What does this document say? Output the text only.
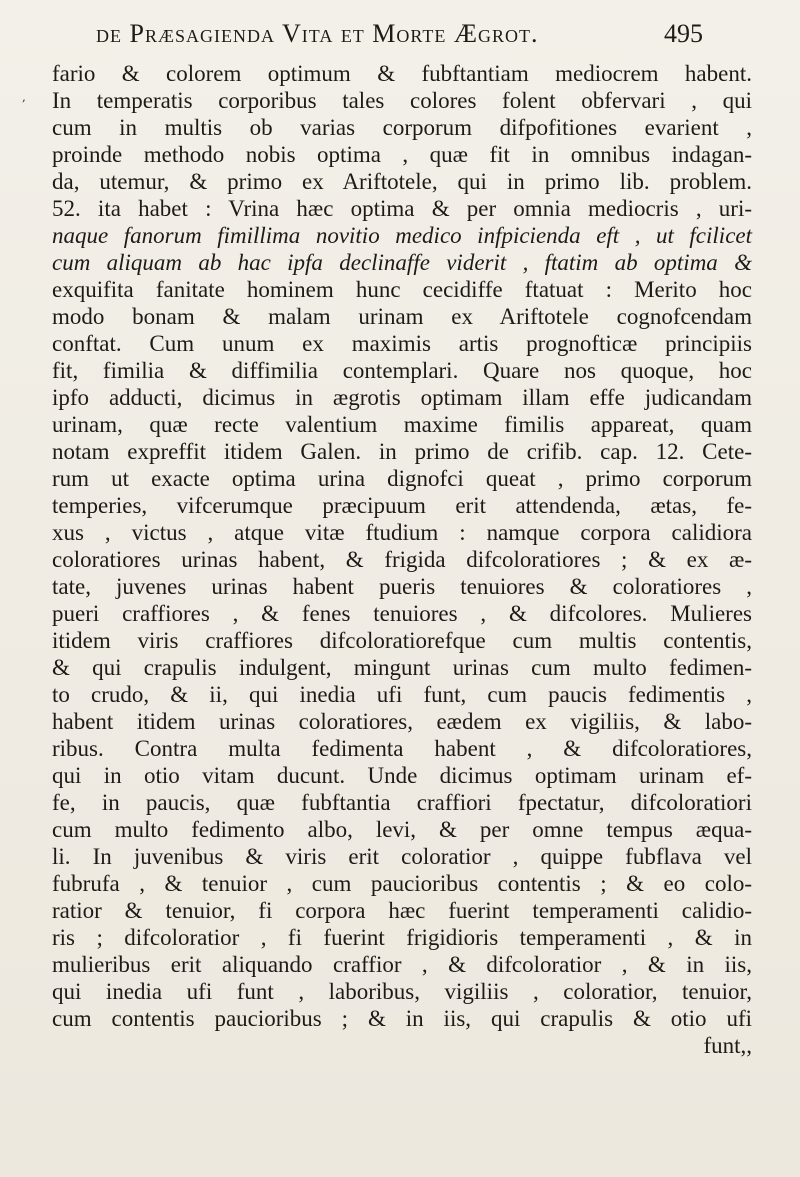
de Præsagienda Vita et Morte Ægrot.	495
,
fario & colorem optimum & fubftantiam mediocrem habent.
In temperatis corporibus tales colores folent obfervari , qui
cum in multis ob varias corporum difpofitiones evarient ,
proinde methodo nobis optima , quæ fit in omnibus indagan-
da, utemur, & primo ex Ariftotele, qui in primo lib. problem.
52. ita habet : Vrina hæc optima & per omnia mediocris , uri-
naque fanorum fimillima novitio medico infpicienda eft , ut fcilicet
cum aliquam ab hac ipfa declinaffe viderit , ftatim ab optima &
exquifita fanitate hominem hunc cecidiffe ftatuat : Merito hoc
modo bonam & malam urinam ex Ariftotele cognofcendam
conftat. Cum unum ex maximis artis prognofticæ principiis
fit, fimilia & diffimilia contemplari. Quare nos quoque, hoc
ipfo adducti, dicimus in ægrotis optimam illam effe judicandam
urinam, quæ recte valentium maxime fimilis appareat, quam
notam expreffit itidem Galen. in primo de crifib. cap. 12. Cete-
rum ut exacte optima urina dignofci queat , primo corporum
temperies, vifcerumque præcipuum erit attendenda, ætas, fe-
xus , victus , atque vitæ ftudium : namque corpora calidiora
coloratiores urinas habent, & frigida difcoloratiores ; & ex æ-
tate, juvenes urinas habent pueris tenuiores & coloratiores ,
pueri craffiores , & fenes tenuiores , & difcolores. Mulieres
itidem viris craffiores difcoloratiorefque cum multis contentis,
& qui crapulis indulgent, mingunt urinas cum multo fedimen-
to crudo, & ii, qui inedia ufi funt, cum paucis fedimentis ,
habent itidem urinas coloratiores, eædem ex vigiliis, & labo-
ribus. Contra multa fedimenta habent , & difcoloratiores,
qui in otio vitam ducunt. Unde dicimus optimam urinam ef-
fe, in paucis, quæ fubftantia craffiori fpectatur, difcoloratiori
cum multo fedimento albo, levi, & per omne tempus æqua-
li. In juvenibus & viris erit coloratior , quippe fubflava vel
fubrufa , & tenuior , cum paucioribus contentis ; & eo colo-
ratior & tenuior, fi corpora hæc fuerint temperamenti calidio-
ris ; difcoloratior , fi fuerint frigidioris temperamenti , & in
mulieribus erit aliquando craffior , & difcoloratior , & in iis,
qui inedia ufi funt , laboribus, vigiliis , coloratior, tenuior,
cum contentis paucioribus ; & in iis, qui crapulis & otio ufi
funt,,
